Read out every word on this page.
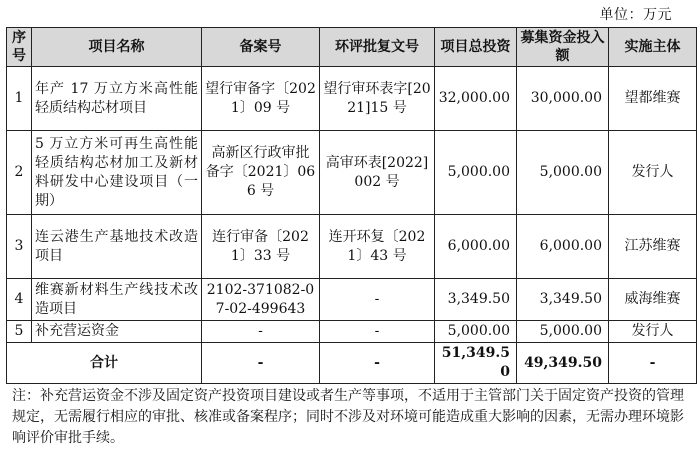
单位：万元
序号	项目名称	备案号	环评批复文号	项目总投资	募集资金投入额	实施主体
1	年产 17 万立方米高性能轻质结构芯材项目	望行审备字〔2021〕09 号	望行审环表字[2021]15 号	32,000.00	30,000.00	望都维赛
2	5 万立方米可再生高性能轻质结构芯材加工及新材料研发中心建设项目（一期）	高新区行政审批备字〔2021〕066 号	高审环表[2022]002 号	5,000.00	5,000.00	发行人
3	连云港生产基地技术改造项目	连行审备〔2021〕33 号	连开环复〔2021〕43 号	6,000.00	6,000.00	江苏维赛
4	维赛新材料生产线技术改造项目	2102-371082-07-02-499643	-	3,349.50	3,349.50	威海维赛
5	补充营运资金	-	-	5,000.00	5,000.00	发行人
合计		-	-	51,349.50	49,349.50	-
注：补充营运资金不涉及固定资产投资项目建设或者生产等事项，不适用于主管部门关于固定资产投资的管理规定，无需履行相应的审批、核准或备案程序；同时不涉及对环境可能造成重大影响的因素，无需办理环境影响评价审批手续。
